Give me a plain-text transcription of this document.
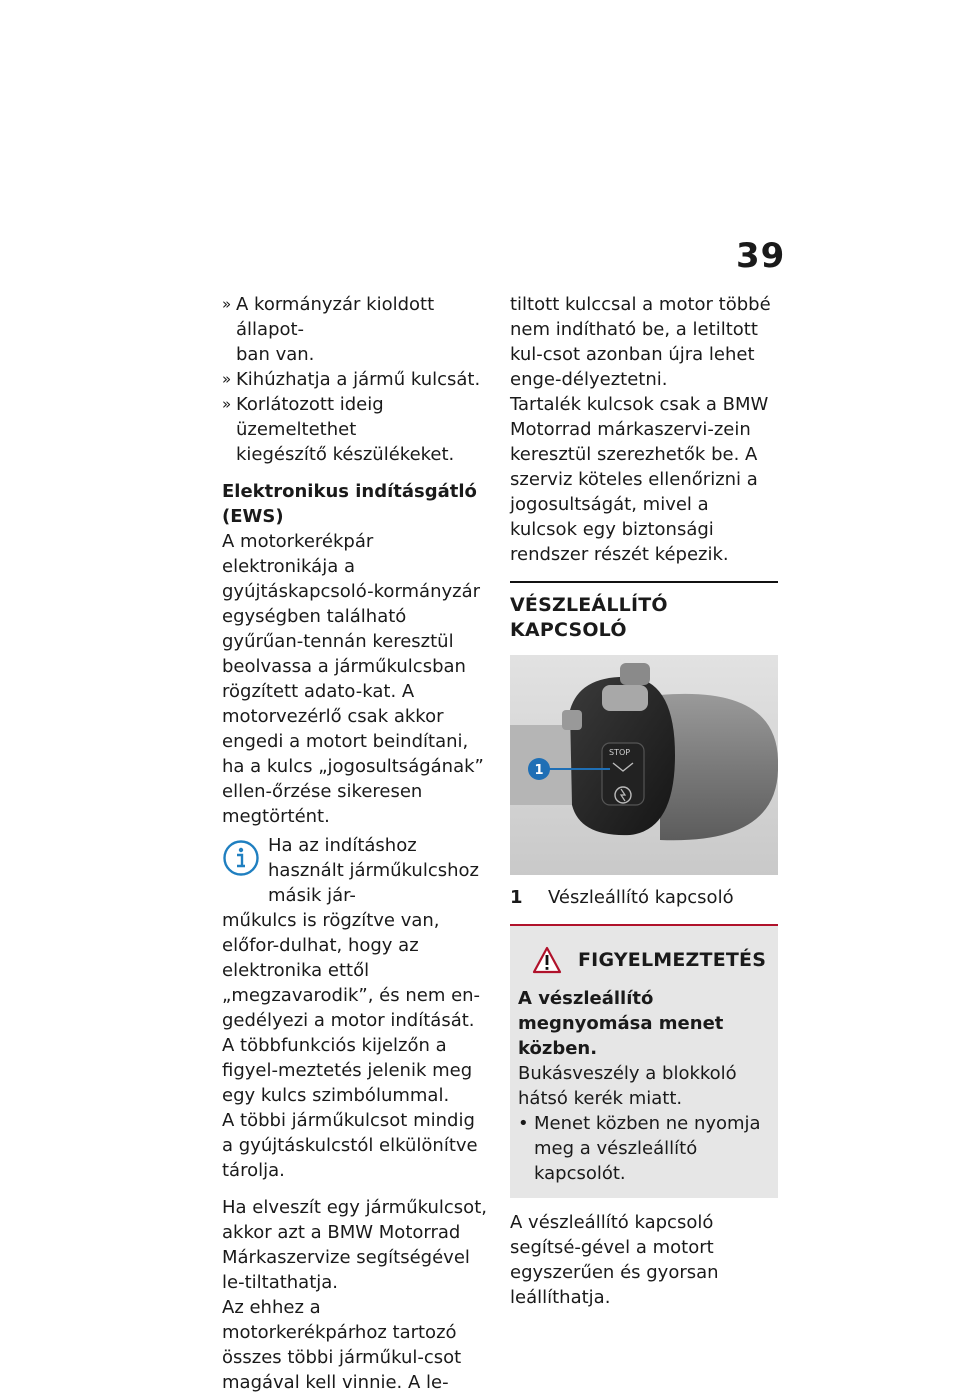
39
» A kormányzár kioldott állapot-
ban van.
» Kihúzhatja a jármű kulcsát.
» Korlátozott ideig üzemeltethet
kiegészítő készülékeket.

Elektronikus indításgátló (EWS)

A motorkerékpár elektronikája a gyújtáskapcsoló-kormányzár egységben található gyűrűan-tennán keresztül beolvassa a járműkulcsban rögzített adato-kat. A motorvezérlő csak akkor engedi a motort beindítani, ha a kulcs „jogosultságának” ellen-őrzése sikeresen megtörtént.

Ha az indításhoz használt járműkulcshoz másik jár-

műkulcs is rögzítve van, előfor-dulhat, hogy az elektronika ettől „megzavarodik”, és nem en-gedélyezi a motor indítását. A többfunkciós kijelzőn a figyel-meztetés jelenik meg egy kulcs szimbólummal.

A többi járműkulcsot mindig a gyújtáskulcstól elkülönítve tárolja.

Ha elveszít egy járműkulcsot, akkor azt a BMW Motorrad Márkaszervize segítségével le-tiltathatja.

Az ehhez a motorkerékpárhoz tartozó összes többi járműkul-csot magával kell vinnie. A le-

tiltott kulccsal a motor többé nem indítható be, a letiltott kul-csot azonban újra lehet enge-délyeztetni.

Tartalék kulcsok csak a BMW Motorrad márkaszervi-zein keresztül szerezhetők be. A szerviz köteles ellenőrizni a jogosultságát, mivel a kulcsok egy biztonsági rendszer részét képezik.

VÉSZLEÁLLÍTÓ KAPCSOLÓ

STOP
1
1	Vészleállító kapcsoló
FIGYELMEZTETÉS

A vészleállító megnyomása menet közben.

Bukásveszély a blokkoló hátsó kerék miatt.

• Menet közben ne nyomja meg a vészleállító kapcsolót.

A vészleállító kapcsoló segítsé-gével a motort egyszerűen és gyorsan leállíthatja.
